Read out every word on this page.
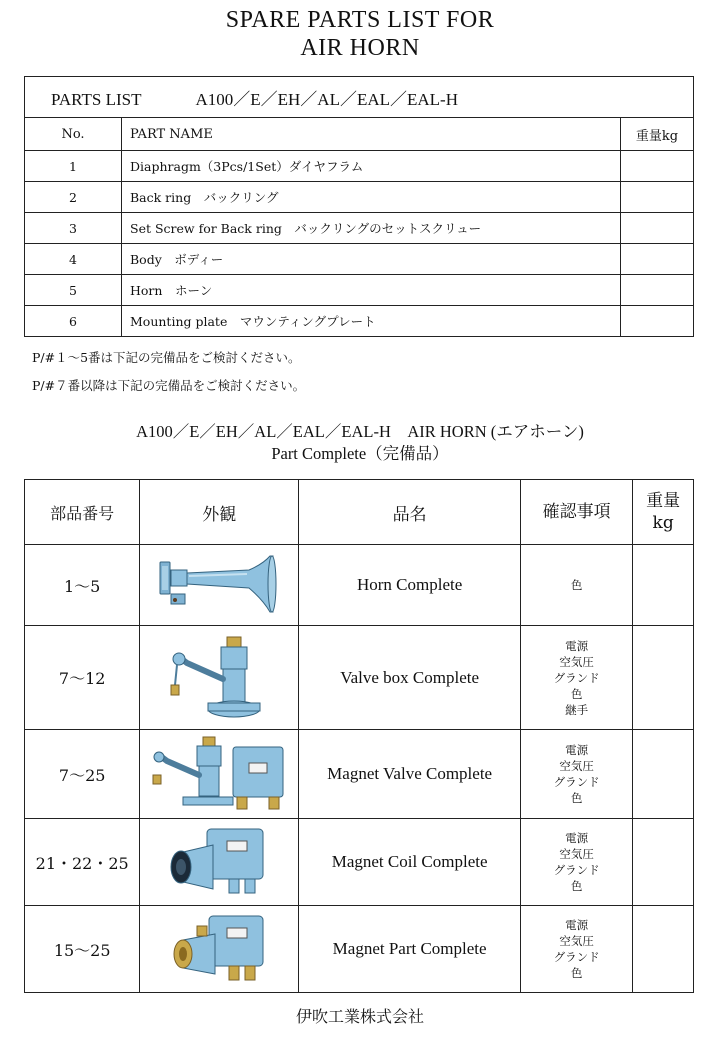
SPARE PARTS LIST FOR
AIR HORN
PARTS LIST A100／E／EH／AL／EAL／EAL-H		
No.	PART NAME	重量kg
1	Diaphragm（3Pcs/1Set）ダイヤフラム	
2	Back ring　バックリング	
3	Set Screw for Back ring　バックリングのセットスクリュー	
4	Body　ボディー	
5	Horn　ホーン	
6	Mounting plate　マウンティングプレート	
P/#１～5番は下記の完備品をご検討ください。
P/#７番以降は下記の完備品をご検討ください。
A100／E／EH／AL／EAL／EAL-H　AIR HORN (エアホーン)
Part Complete（完備品）
部品番号	外観	品名	確認事項	重量
kg

1～5		Horn Complete	色	

7～12		Valve box Complete	電源
空気圧
グランド
色
継手	

7～25		Magnet Valve Complete	電源
空気圧
グランド
色	

21・22・25		Magnet Coil Complete	電源
空気圧
グランド
色	

15～25		Magnet Part Complete	電源
空気圧
グランド
色	

伊吹工業株式会社
